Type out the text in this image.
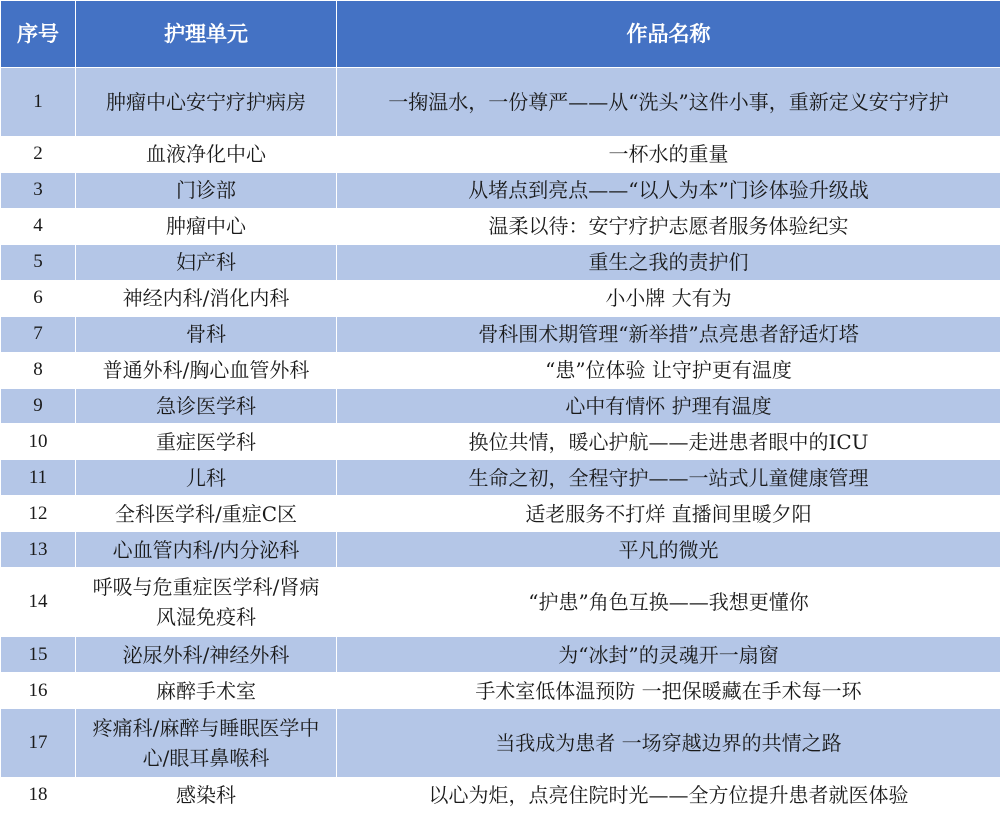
序号	护理单元	作品名称
1	肿瘤中心安宁疗护病房	一掬温水，一份尊严——从“洗头”这件小事，重新定义安宁疗护
2	血液净化中心	一杯水的重量
3	门诊部	从堵点到亮点——“以人为本”门诊体验升级战
4	肿瘤中心	温柔以待：安宁疗护志愿者服务体验纪实
5	妇产科	重生之我的责护们
6	神经内科/消化内科	小小牌 大有为
7	骨科	骨科围术期管理“新举措”点亮患者舒适灯塔
8	普通外科/胸心血管外科	“患”位体验 让守护更有温度
9	急诊医学科	心中有情怀 护理有温度
10	重症医学科	换位共情，暖心护航——走进患者眼中的ICU
11	儿科	生命之初，全程守护——一站式儿童健康管理
12	全科医学科/重症C区	适老服务不打烊 直播间里暖夕阳
13	心血管内科/内分泌科	平凡的微光
14	呼吸与危重症医学科/肾病风湿免疫科	“护患”角色互换——我想更懂你
15	泌尿外科/神经外科	为“冰封”的灵魂开一扇窗
16	麻醉手术室	手术室低体温预防 一把保暖藏在手术每一环
17	疼痛科/麻醉与睡眠医学中心/眼耳鼻喉科	当我成为患者 一场穿越边界的共情之路
18	感染科	以心为炬，点亮住院时光——全方位提升患者就医体验
